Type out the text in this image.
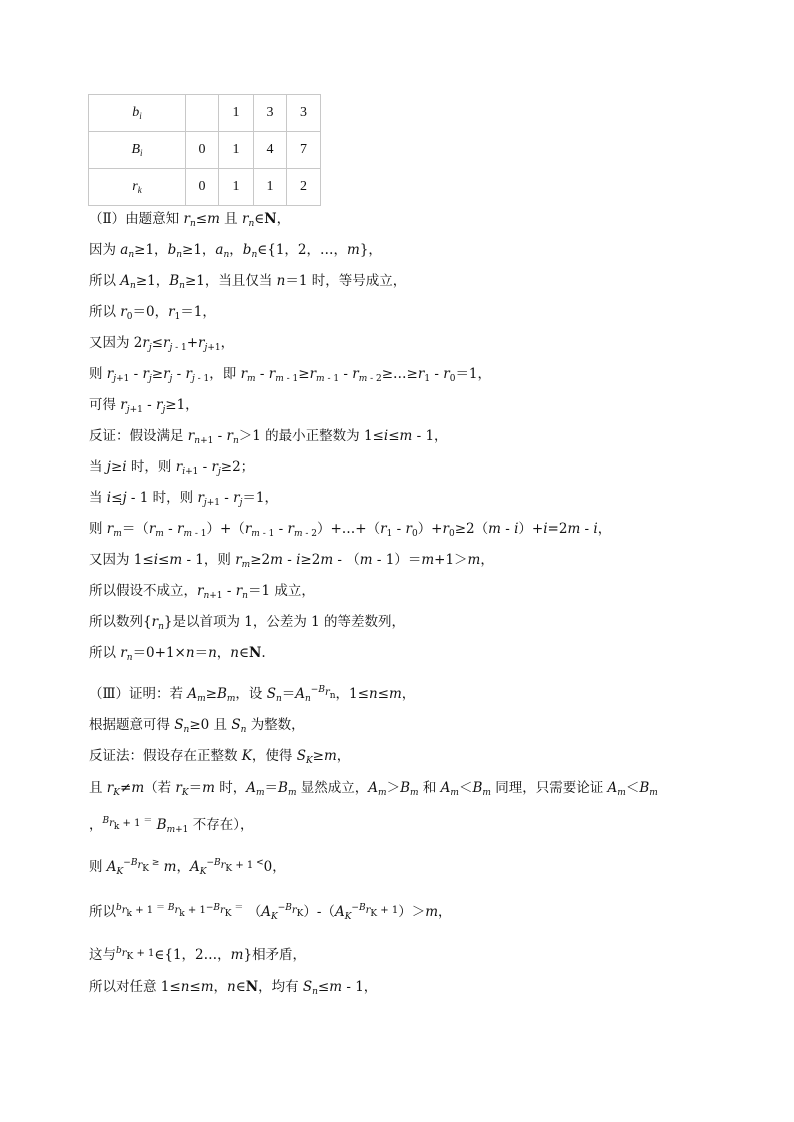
$b_i$		1	3	3
$B_i$	0	1	4	7
$r_k$	0	1	1	2
（Ⅱ）由题意知 $r_n\le m$ 且 $r_n\in N$，
因为 $a_n\ge 1$，$b_n\ge 1$，$a_n$，$b_n\in\{1$，2，…，m}，
所以 $A_n\ge 1$，$B_n\ge 1$，当且仅当 n＝1 时，等号成立，
所以 $r_0=0$，$r_1=1$，
又因为 $2r_j\le r_j$ $_{- 1}+r_{j+1}$，
则 $r_{j+1} - r_j\ge r_j - r_j$ $_{- 1}$，即 $r_m - r_m$ $_{- 1}\ge r_m$ $_{- 1} - r_m$ $_{- 2}\ge\dots\ge r_1 - r_0=1$，
可得 $r_{j+1} - r_j\ge 1$，
反证：假设满足 $r_{n+1} - r_n>1$ 的最小正整数为 1≤i≤m - 1，
当 j≥i 时，则 $r_{i+1} - r_j\ge 2$；
当 i≤j - 1 时，则 $r_{j+1} - r_j=1$，
则 $r_m=(r_m - r_m$ $_{- 1})+(r_m$ $_{- 1} - r_m$ $_{- 2})+\dots+(r_1 - r_0)+r_0\ge 2(m - i)+i=2m - i$，
又因为 1≤i≤m - 1，则 $r_m\ge 2m - i\ge 2m - (m - 1)=m+1>m$，
所以假设不成立，$r_{n+1} - r_n=1$ 成立，
所以数列$\{r_n\}$是以首项为 1，公差为 1 的等差数列，
所以 $r_n=0+1\times n=n$，n∈N.
（Ⅲ）证明：若 $A_m\ge B_m$，设 $S_n=A_n^{-B_{r_n}}$，1≤n≤m，
根据题意可得 $S_n\ge 0$ 且 $S_n$ 为整数，
反证法：假设存在正整数 K，使得 $S_K\ge m$，
且 $r_K\ne m$（若 $r_K=m$ 时，$A_m=B_m$ 显然成立，$A_m>B_m$ 和 $A_m<B_m$ 同理，只需要论证 $A_m<B_m$
，$^{B_{r_k + 1} =}$ $B_{m+1}$ 不存在），
则 $A_K^{-B_{r_K} \ge}$ m，$A_K^{-B_{r_K + 1} <}0$，
所以$^{b_{r_k + 1} = B_{r_k + 1}-B_{r_K} =}$ $(A_K^{-B_{r_K}})-(A_K^{-B_{r_K + 1}})>m$，
这与$^{b_{r_K + 1}}$∈{1，2…，m}相矛盾，
所以对任意 1≤n≤m，n∈N，均有 $S_n\le m - 1$，
